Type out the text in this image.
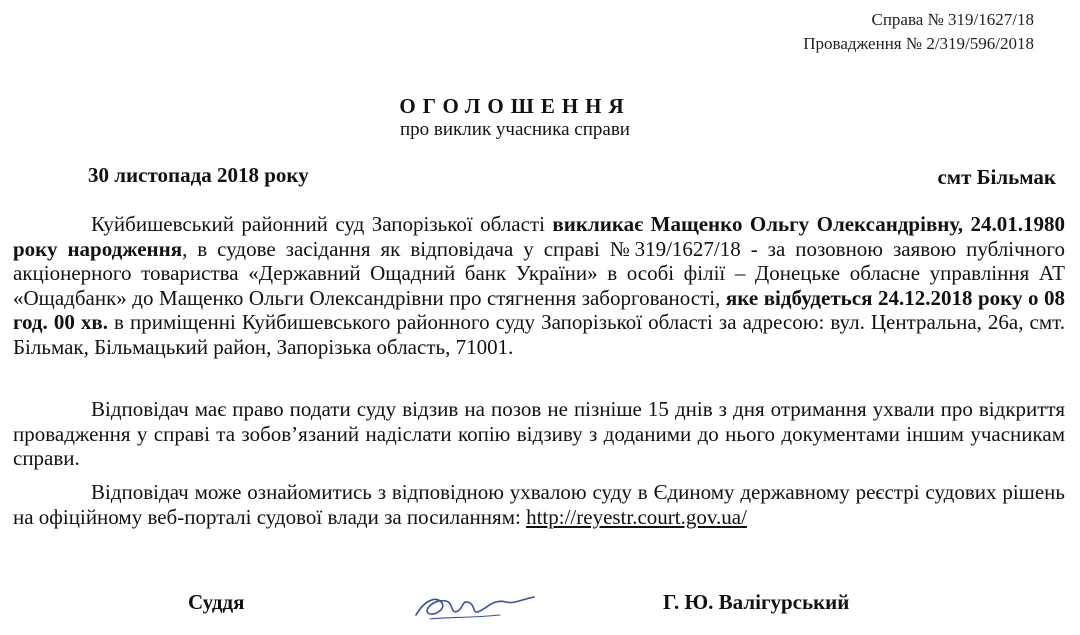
Справа № 319/1627/18
Провадження № 2/319/596/2018
ОГОЛОШЕННЯ
про виклик учасника справи
30 листопада 2018 року	смт Більмак
Куйбишевський районний суд Запорізької області викликає Мащенко Ольгу Олександрівну, 24.01.1980 року народження, в судове засідання як відповідача у справі №319/1627/18 - за позовною заявою публічного акціонерного товариства «Державний Ощадний банк України» в особі філії – Донецьке обласне управління АТ «Ощадбанк» до Мащенко Ольги Олександрівни про стягнення заборгованості, яке відбудеться 24.12.2018 року о 08 год. 00 хв. в приміщенні Куйбишевського районного суду Запорізької області за адресою: вул. Центральна, 26а, смт. Більмак, Більмацький район, Запорізька область, 71001.
Відповідач має право подати суду відзив на позов не пізніше 15 днів з дня отримання ухвали про відкриття провадження у справі та зобов’язаний надіслати копію відзиву з доданими до нього документами іншим учасникам справи.
Відповідач може ознайомитись з відповідною ухвалою суду в Єдиному державному реєстрі судових рішень на офіційному веб-порталі судової влади за посиланням: http://reyestr.court.gov.ua/
Суддя	Г. Ю. Валігурський
